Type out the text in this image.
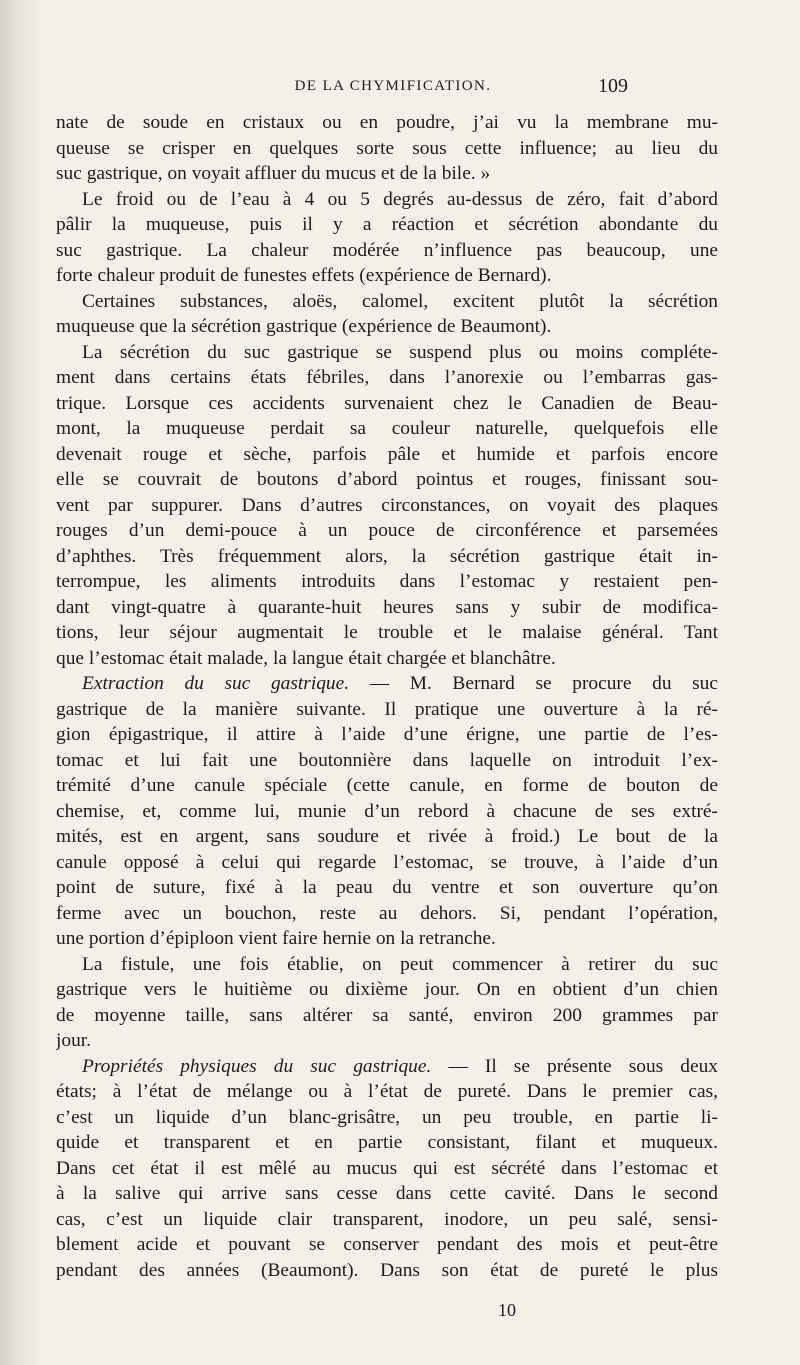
DE LA CHYMIFICATION.	109
nate de soude en cristaux ou en poudre, j’ai vu la membrane mu-
queuse se crisper en quelques sorte sous cette influence; au lieu du
suc gastrique, on voyait affluer du mucus et de la bile. »
Le froid ou de l’eau à 4 ou 5 degrés au-dessus de zéro, fait d’abord
pâlir la muqueuse, puis il y a réaction et sécrétion abondante du
suc gastrique. La chaleur modérée n’influence pas beaucoup, une
forte chaleur produit de funestes effets (expérience de Bernard).
Certaines substances, aloës, calomel, excitent plutôt la sécrétion
muqueuse que la sécrétion gastrique (expérience de Beaumont).
La sécrétion du suc gastrique se suspend plus ou moins compléte-
ment dans certains états fébriles, dans l’anorexie ou l’embarras gas-
trique. Lorsque ces accidents survenaient chez le Canadien de Beau-
mont, la muqueuse perdait sa couleur naturelle, quelquefois elle
devenait rouge et sèche, parfois pâle et humide et parfois encore
elle se couvrait de boutons d’abord pointus et rouges, finissant sou-
vent par suppurer. Dans d’autres circonstances, on voyait des plaques
rouges d’un demi-pouce à un pouce de circonférence et parsemées
d’aphthes. Très fréquemment alors, la sécrétion gastrique était in-
terrompue, les aliments introduits dans l’estomac y restaient pen-
dant vingt-quatre à quarante-huit heures sans y subir de modifica-
tions, leur séjour augmentait le trouble et le malaise général. Tant
que l’estomac était malade, la langue était chargée et blanchâtre.
Extraction du suc gastrique. — M. Bernard se procure du suc
gastrique de la manière suivante. Il pratique une ouverture à la ré-
gion épigastrique, il attire à l’aide d’une érigne, une partie de l’es-
tomac et lui fait une boutonnière dans laquelle on introduit l’ex-
trémité d’une canule spéciale (cette canule, en forme de bouton de
chemise, et, comme lui, munie d’un rebord à chacune de ses extré-
mités, est en argent, sans soudure et rivée à froid.) Le bout de la
canule opposé à celui qui regarde l’estomac, se trouve, à l’aide d’un
point de suture, fixé à la peau du ventre et son ouverture qu’on
ferme avec un bouchon, reste au dehors. Si, pendant l’opération,
une portion d’épiploon vient faire hernie on la retranche.
La fistule, une fois établie, on peut commencer à retirer du suc
gastrique vers le huitième ou dixième jour. On en obtient d’un chien
de moyenne taille, sans altérer sa santé, environ 200 grammes par
jour.
Propriétés physiques du suc gastrique. — Il se présente sous deux
états; à l’état de mélange ou à l’état de pureté. Dans le premier cas,
c’est un liquide d’un blanc-grisâtre, un peu trouble, en partie li-
quide et transparent et en partie consistant, filant et muqueux.
Dans cet état il est mêlé au mucus qui est sécrété dans l’estomac et
à la salive qui arrive sans cesse dans cette cavité. Dans le second
cas, c’est un liquide clair transparent, inodore, un peu salé, sensi-
blement acide et pouvant se conserver pendant des mois et peut-être
pendant des années (Beaumont). Dans son état de pureté le plus
10
